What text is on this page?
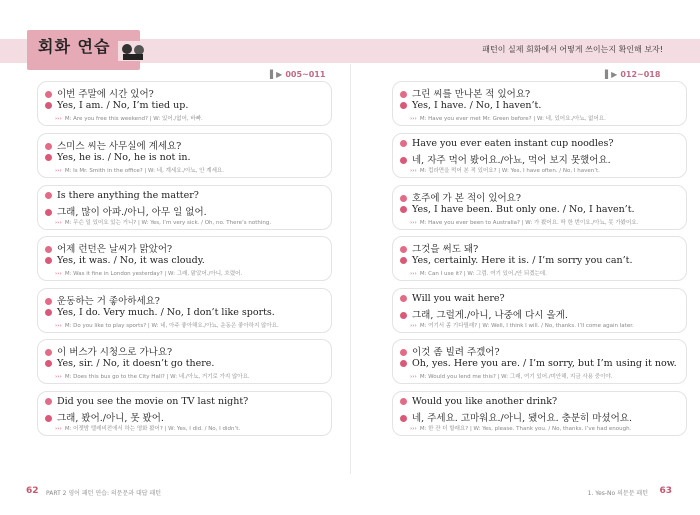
회화 연습	패턴이 실제 회화에서 어떻게 쓰이는지 확인해 보자!
▌▶ 005~011	▌▶ 012~018
이번 주말에 시간 있어?
Yes, I am. / No, I’m tied up.
››› M: Are you free this weekend? | W: 있어./없어, 바빠.
스미스 씨는 사무실에 계세요?
Yes, he is. / No, he is not in.
››› M: Is Mr. Smith in the office? | W: 네, 계세요./아뇨, 안 계세요.
Is there anything the matter?
그래, 많이 아파./아니, 아무 일 없어.
››› M: 무슨 일 있어요 있는 거니? | W: Yes, I’m very sick. / Oh, no. There’s nothing.
어제 런던은 날씨가 맑았어?
Yes, it was. / No, it was cloudy.
››› M: Was it fine in London yesterday? | W: 그래, 맑았어./아니, 흐렸어.
운동하는 거 좋아하세요?
Yes, I do. Very much. / No, I don’t like sports.
››› M: Do you like to play sports? | W: 네, 아주 좋아해요./아뇨, 운동은 좋아하지 않아요.
이 버스가 시청으로 가나요?
Yes, sir. / No, it doesn’t go there.
››› M: Does this bus go to the City Hall? | W: 네./아뇨, 거기로 가지 않아요.
Did you see the movie on TV last night?
그래, 봤어./아니, 못 봤어.
››› M: 어젯밤 텔레비전에서 하는 영화 봤어? | W: Yes, I did. / No, I didn’t.
그린 씨를 만나본 적 있어요?
Yes, I have. / No, I haven’t.
››› M: Have you ever met Mr. Green before? | W: 네, 있어요./아뇨, 없어요.
Have you ever eaten instant cup noodles?
네, 자주 먹어 봤어요./아뇨, 먹어 보지 못했어요.
››› M: 컵라면을 먹어 본 적 있어요? | W: Yes, I have often. / No, I haven’t.
호주에 가 본 적이 있어요?
Yes, I have been. But only one. / No, I haven’t.
››› M: Have you ever been to Australia? | W: 가 봤어요. 딱 한 번이요./아뇨, 못 가봤어요.
그것을 써도 돼?
Yes, certainly. Here it is. / I’m sorry you can’t.
››› M: Can I use it? | W: 그럼. 여기 있어./안 되겠는데.
Will you wait here?
그래, 그럴게./아니, 나중에 다시 올게.
››› M: 여기서 좀 기다릴래? | W: Well, I think I will. / No, thanks. I’ll come again later.
이것 좀 빌려 주겠어?
Oh, yes. Here you are. / I’m sorry, but I’m using it now.
››› M: Would you lend me this? | W: 그래, 여기 있어./미안해, 지금 사용 중이야.
Would you like another drink?
네, 주세요. 고마워요./아니, 됐어요. 충분히 마셨어요.
››› M: 한 잔 더 할래요? | W: Yes, please. Thank you. / No, thanks. I’ve had enough.
62 PART 2 영어 패턴 연습: 의문문과 대답 패턴	1. Yes-No 의문문 패턴 63
